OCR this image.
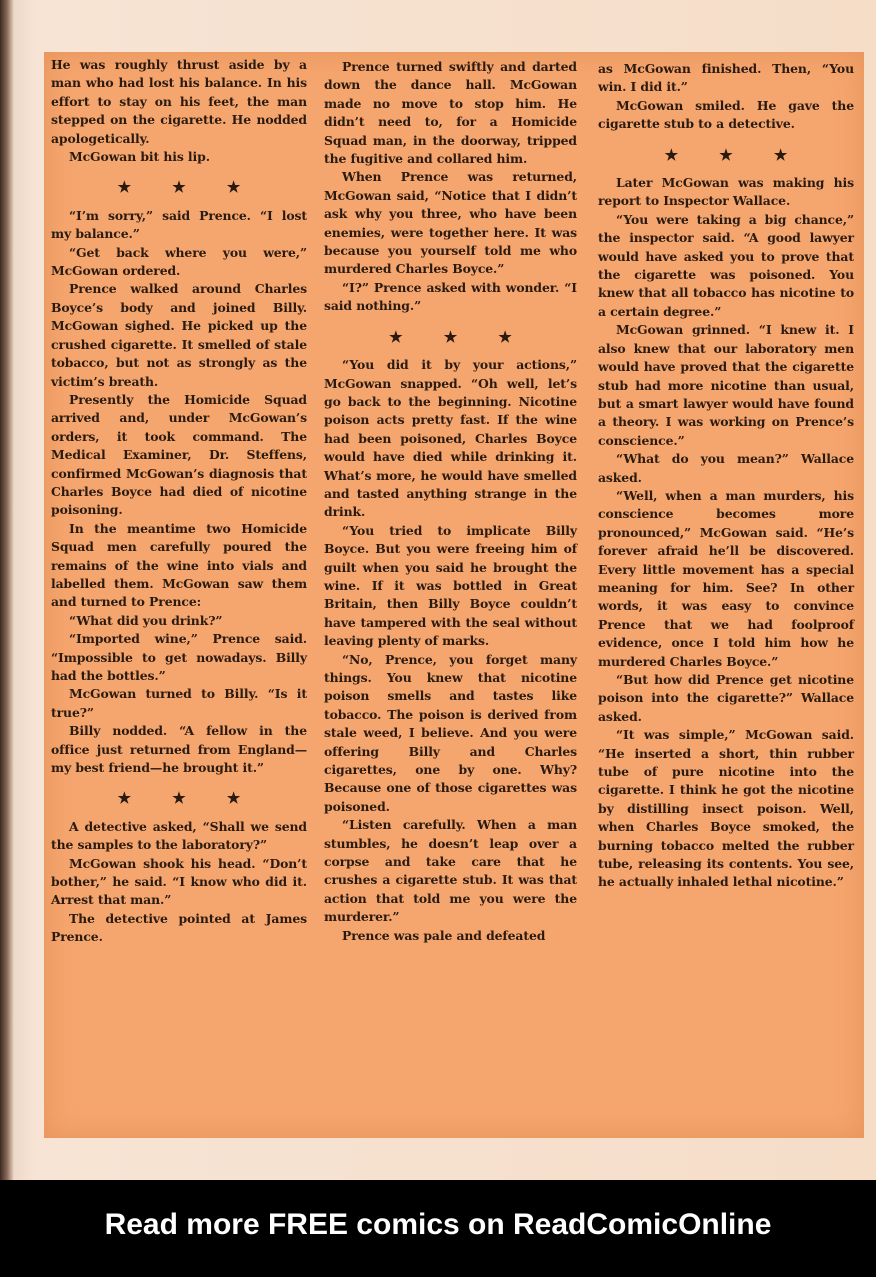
He was roughly thrust aside by a man who had lost his balance. In his effort to stay on his feet, the man stepped on the cigarette. He nodded apologetically.

McGowan bit his lip.

★ ★ ★

“I’m sorry,” said Prence. “I lost my balance.”

“Get back where you were,” McGowan ordered.

Prence walked around Charles Boyce’s body and joined Billy. McGowan sighed. He picked up the crushed cigarette. It smelled of stale tobacco, but not as strongly as the victim’s breath.

Presently the Homicide Squad arrived and, under McGowan’s orders, it took command. The Medical Examiner, Dr. Steffens, confirmed McGowan’s diagnosis that Charles Boyce had died of nicotine poisoning.

In the meantime two Homicide Squad men carefully poured the remains of the wine into vials and labelled them. McGowan saw them and turned to Prence:

“What did you drink?”

“Imported wine,” Prence said. “Impossible to get nowadays. Billy had the bottles.”

McGowan turned to Billy. “Is it true?”

Billy nodded. “A fellow in the office just returned from England—my best friend—he brought it.”

★ ★ ★

A detective asked, “Shall we send the samples to the laboratory?”

McGowan shook his head. “Don’t bother,” he said. “I know who did it. Arrest that man.”

The detective pointed at James Prence.

Prence turned swiftly and darted down the dance hall. McGowan made no move to stop him. He didn’t need to, for a Homicide Squad man, in the doorway, tripped the fugitive and collared him.

When Prence was returned, McGowan said, “Notice that I didn’t ask why you three, who have been enemies, were together here. It was because you yourself told me who murdered Charles Boyce.”

“I?” Prence asked with wonder. “I said nothing.”

★ ★ ★

“You did it by your actions,” McGowan snapped. “Oh well, let’s go back to the beginning. Nicotine poison acts pretty fast. If the wine had been poisoned, Charles Boyce would have died while drinking it. What’s more, he would have smelled and tasted anything strange in the drink.

“You tried to implicate Billy Boyce. But you were freeing him of guilt when you said he brought the wine. If it was bottled in Great Britain, then Billy Boyce couldn’t have tampered with the seal without leaving plenty of marks.

“No, Prence, you forget many things. You knew that nicotine poison smells and tastes like tobacco. The poison is derived from stale weed, I believe. And you were offering Billy and Charles cigarettes, one by one. Why? Because one of those cigarettes was poisoned.

“Listen carefully. When a man stumbles, he doesn’t leap over a corpse and take care that he crushes a cigarette stub. It was that action that told me you were the murderer.”

Prence was pale and defeated

as McGowan finished. Then, “You win. I did it.”

McGowan smiled. He gave the cigarette stub to a detective.

★ ★ ★

Later McGowan was making his report to Inspector Wallace.

“You were taking a big chance,” the inspector said. “A good lawyer would have asked you to prove that the cigarette was poisoned. You knew that all tobacco has nicotine to a certain degree.”

McGowan grinned. “I knew it. I also knew that our laboratory men would have proved that the cigarette stub had more nicotine than usual, but a smart lawyer would have found a theory. I was working on Prence’s conscience.”

“What do you mean?” Wallace asked.

“Well, when a man murders, his conscience becomes more pronounced,” McGowan said. “He’s forever afraid he’ll be discovered. Every little movement has a special meaning for him. See? In other words, it was easy to convince Prence that we had foolproof evidence, once I told him how he murdered Charles Boyce.”

“But how did Prence get nicotine poison into the cigarette?” Wallace asked.

“It was simple,” McGowan said. “He inserted a short, thin rubber tube of pure nicotine into the cigarette. I think he got the nicotine by distilling insect poison. Well, when Charles Boyce smoked, the burning tobacco melted the rubber tube, releasing its contents. You see, he actually inhaled lethal nicotine.”

Read more FREE comics on ReadComicOnline
